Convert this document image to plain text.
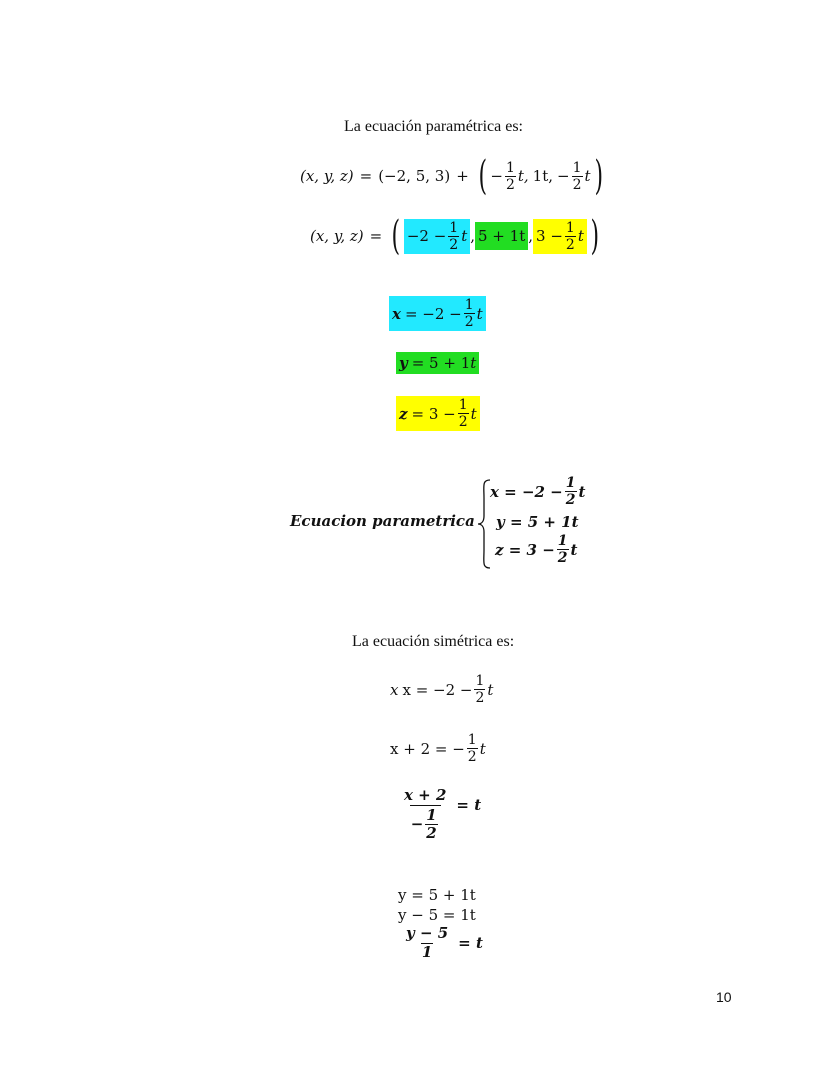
La ecuación paramétrica es:
(x, y, z) = (−2, 5, 3) + ( − $\frac{1}{2} t$, 1t, − $\frac{1}{2}$ t )
(x, y, z) = ( $-2 - \frac{1}{2}$ t , 5 + 1t , $3 - \frac{1}{2}$ t )
$x = -2 - \frac{1}{2}$ t
y = 5 + 1 t
$z = 3 - \frac{1}{2}$ t
Ecuacion parametrica
$x = -2 - \frac{1}{2}$ t
y = 5 + 1t
$z = 3 - \frac{1}{2}$ t
La ecuación simétrica es:
x $x = -2 - \frac{1}{2}$ t
x + 2 = − $\frac{1}{2}$ t
$\frac{x + 2}{- \frac{1}{2}} = t$
y = 5 + 1t
y − 5 = 1t
$\frac{y - 5}{1} = t$
10
